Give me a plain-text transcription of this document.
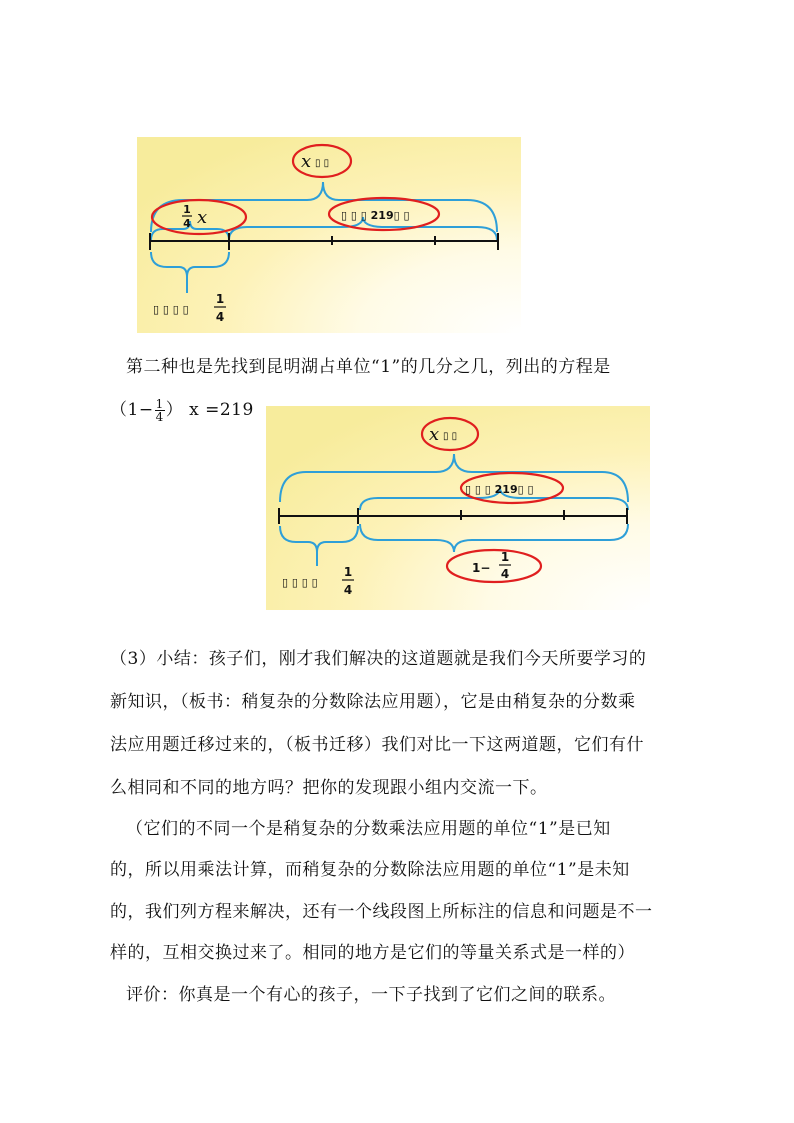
x ▯ ▯
1
4 x	▯ ▯ ▯ 219▯ ▯
▯ ▯ ▯ ▯
1
4
第二种也是先找到昆明湖占单位“1”的几分之几，列出的方程是
（$1- \frac{1}{4}$ ） x =219
x ▯ ▯
▯ ▯ ▯ 219▯ ▯
1−
1
4
▯ ▯ ▯ ▯
1
4
（3）小结：孩子们，刚才我们解决的这道题就是我们今天所要学习的
新知识，（板书：稍复杂的分数除法应用题），它是由稍复杂的分数乘
法应用题迁移过来的，（板书迁移）我们对比一下这两道题，它们有什
么相同和不同的地方吗？把你的发现跟小组内交流一下。
（它们的不同一个是稍复杂的分数乘法应用题的单位“1”是已知
的，所以用乘法计算，而稍复杂的分数除法应用题的单位“1”是未知
的，我们列方程来解决，还有一个线段图上所标注的信息和问题是不一
样的，互相交换过来了。相同的地方是它们的等量关系式是一样的）
评价：你真是一个有心的孩子，一下子找到了它们之间的联系。
